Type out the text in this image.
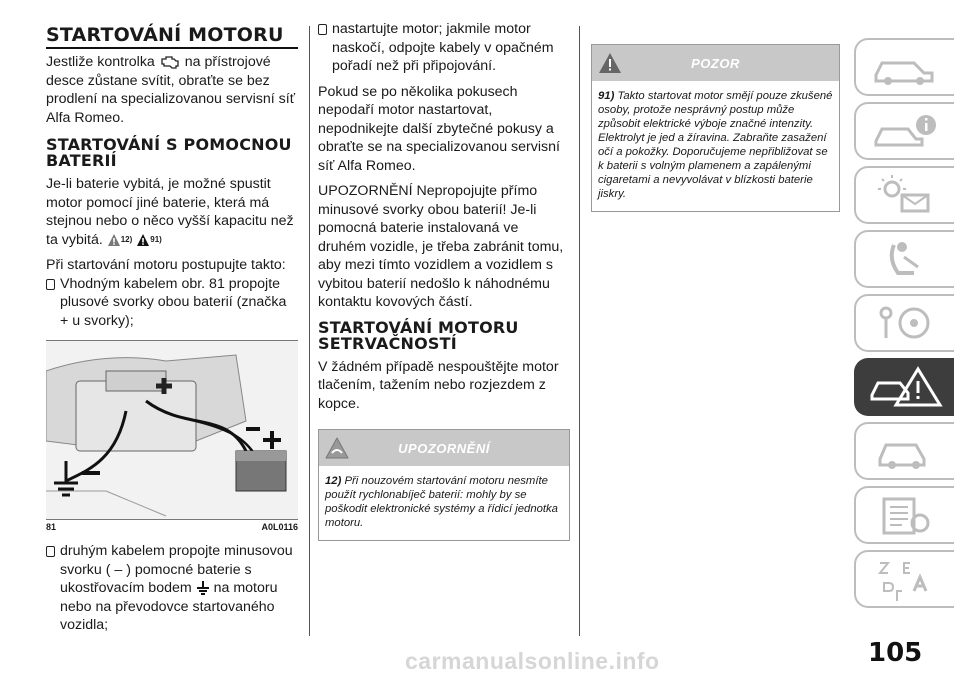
STARTOVÁNÍ MOTORU

Jestliže kontrolka na přístrojové desce zůstane svítit, obraťte se bez prodlení na specializovanou servisní síť Alfa Romeo.

STARTOVÁNÍ S POMOCNOU BATERIÍ

Je-li baterie vybitá, je možné spustit motor pomocí jiné baterie, která má stejnou nebo o něco vyšší kapacitu než ta vybitá. $^{12)}$ $^{91)}$

Při startování motoru postupujte takto:

Vhodným kabelem obr. 81 propojte plusové svorky obou baterií (značka + u svorky);

81	A0L0116

druhým kabelem propojte minusovou svorku ( – ) pomocné baterie s ukostřovacím bodem na motoru nebo na převodovce startovaného vozidla;

nastartujte motor; jakmile motor naskočí, odpojte kabely v opačném pořadí než při připojování.

Pokud se po několika pokusech nepodaří motor nastartovat, nepodnikejte další zbytečné pokusy a obraťte se na specializovanou servisní síť Alfa Romeo.

UPOZORNĚNÍ Nepropojujte přímo minusové svorky obou baterií! Je-li pomocná baterie instalovaná ve druhém vozidle, je třeba zabránit tomu, aby mezi tímto vozidlem a vozidlem s vybitou baterií nedošlo k náhodnému kontaktu kovových částí.

STARTOVÁNÍ MOTORU SETRVAČNOSTÍ

V žádném případě nespouštějte motor tlačením, tažením nebo rozjezdem z kopce.

UPOZORNĚNÍ
12) Při nouzovém startování motoru nesmíte použít rychlonabíječ baterií: mohly by se poškodit elektronické systémy a řídicí jednotka motoru.
POZOR
91) Takto startovat motor smějí pouze zkušené osoby, protože nesprávný postup může způsobit elektrické výboje značné intenzity. Elektrolyt je jed a žíravina. Zabraňte zasažení očí a pokožky. Doporučujeme nepřibližovat se k baterii s volným plamenem a zapálenými cigaretami a nevyvolávat v blízkosti baterie jiskry.
105
carmanualsonline.info
